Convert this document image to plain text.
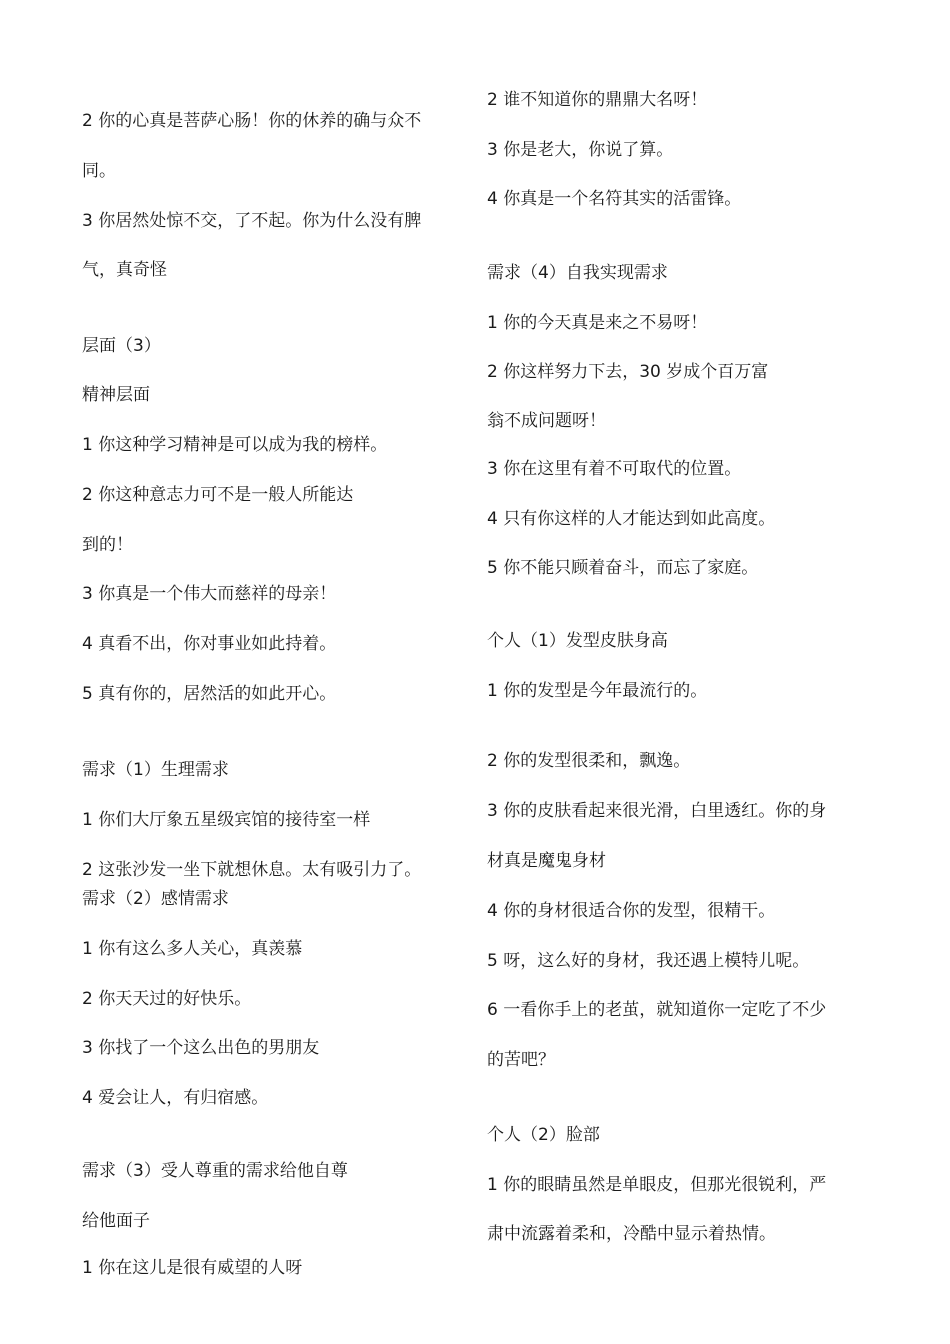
2 你的心真是菩萨心肠！你的休养的确与众不
同。
3 你居然处惊不交，了不起。你为什么没有脾
气，真奇怪
层面（3）
精神层面
1 你这种学习精神是可以成为我的榜样。
2 你这种意志力可不是一般人所能达
到的！
3 你真是一个伟大而慈祥的母亲！
4 真看不出，你对事业如此持着。
5 真有你的，居然活的如此开心。
需求（1）生理需求
1 你们大厅象五星级宾馆的接待室一样
2 这张沙发一坐下就想休息。太有吸引力了。
需求（2）感情需求
1 你有这么多人关心，真羡慕
2 你天天过的好快乐。
3 你找了一个这么出色的男朋友
4 爱会让人，有归宿感。
需求（3）受人尊重的需求给他自尊
给他面子
1 你在这儿是很有威望的人呀
2 谁不知道你的鼎鼎大名呀！
3 你是老大，你说了算。
4 你真是一个名符其实的活雷锋。
需求（4）自我实现需求
1 你的今天真是来之不易呀！
2 你这样努力下去，30 岁成个百万富
翁不成问题呀！
3 你在这里有着不可取代的位置。
4 只有你这样的人才能达到如此高度。
5 你不能只顾着奋斗，而忘了家庭。
个人（1）发型皮肤身高
1 你的发型是今年最流行的。
2 你的发型很柔和，飘逸。
3 你的皮肤看起来很光滑，白里透红。你的身
材真是魔鬼身材
4 你的身材很适合你的发型，很精干。
5 呀，这么好的身材，我还遇上模特儿呢。
6 一看你手上的老茧，就知道你一定吃了不少
的苦吧？
个人（2）脸部
1 你的眼睛虽然是单眼皮，但那光很锐利，严
肃中流露着柔和，冷酷中显示着热情。
